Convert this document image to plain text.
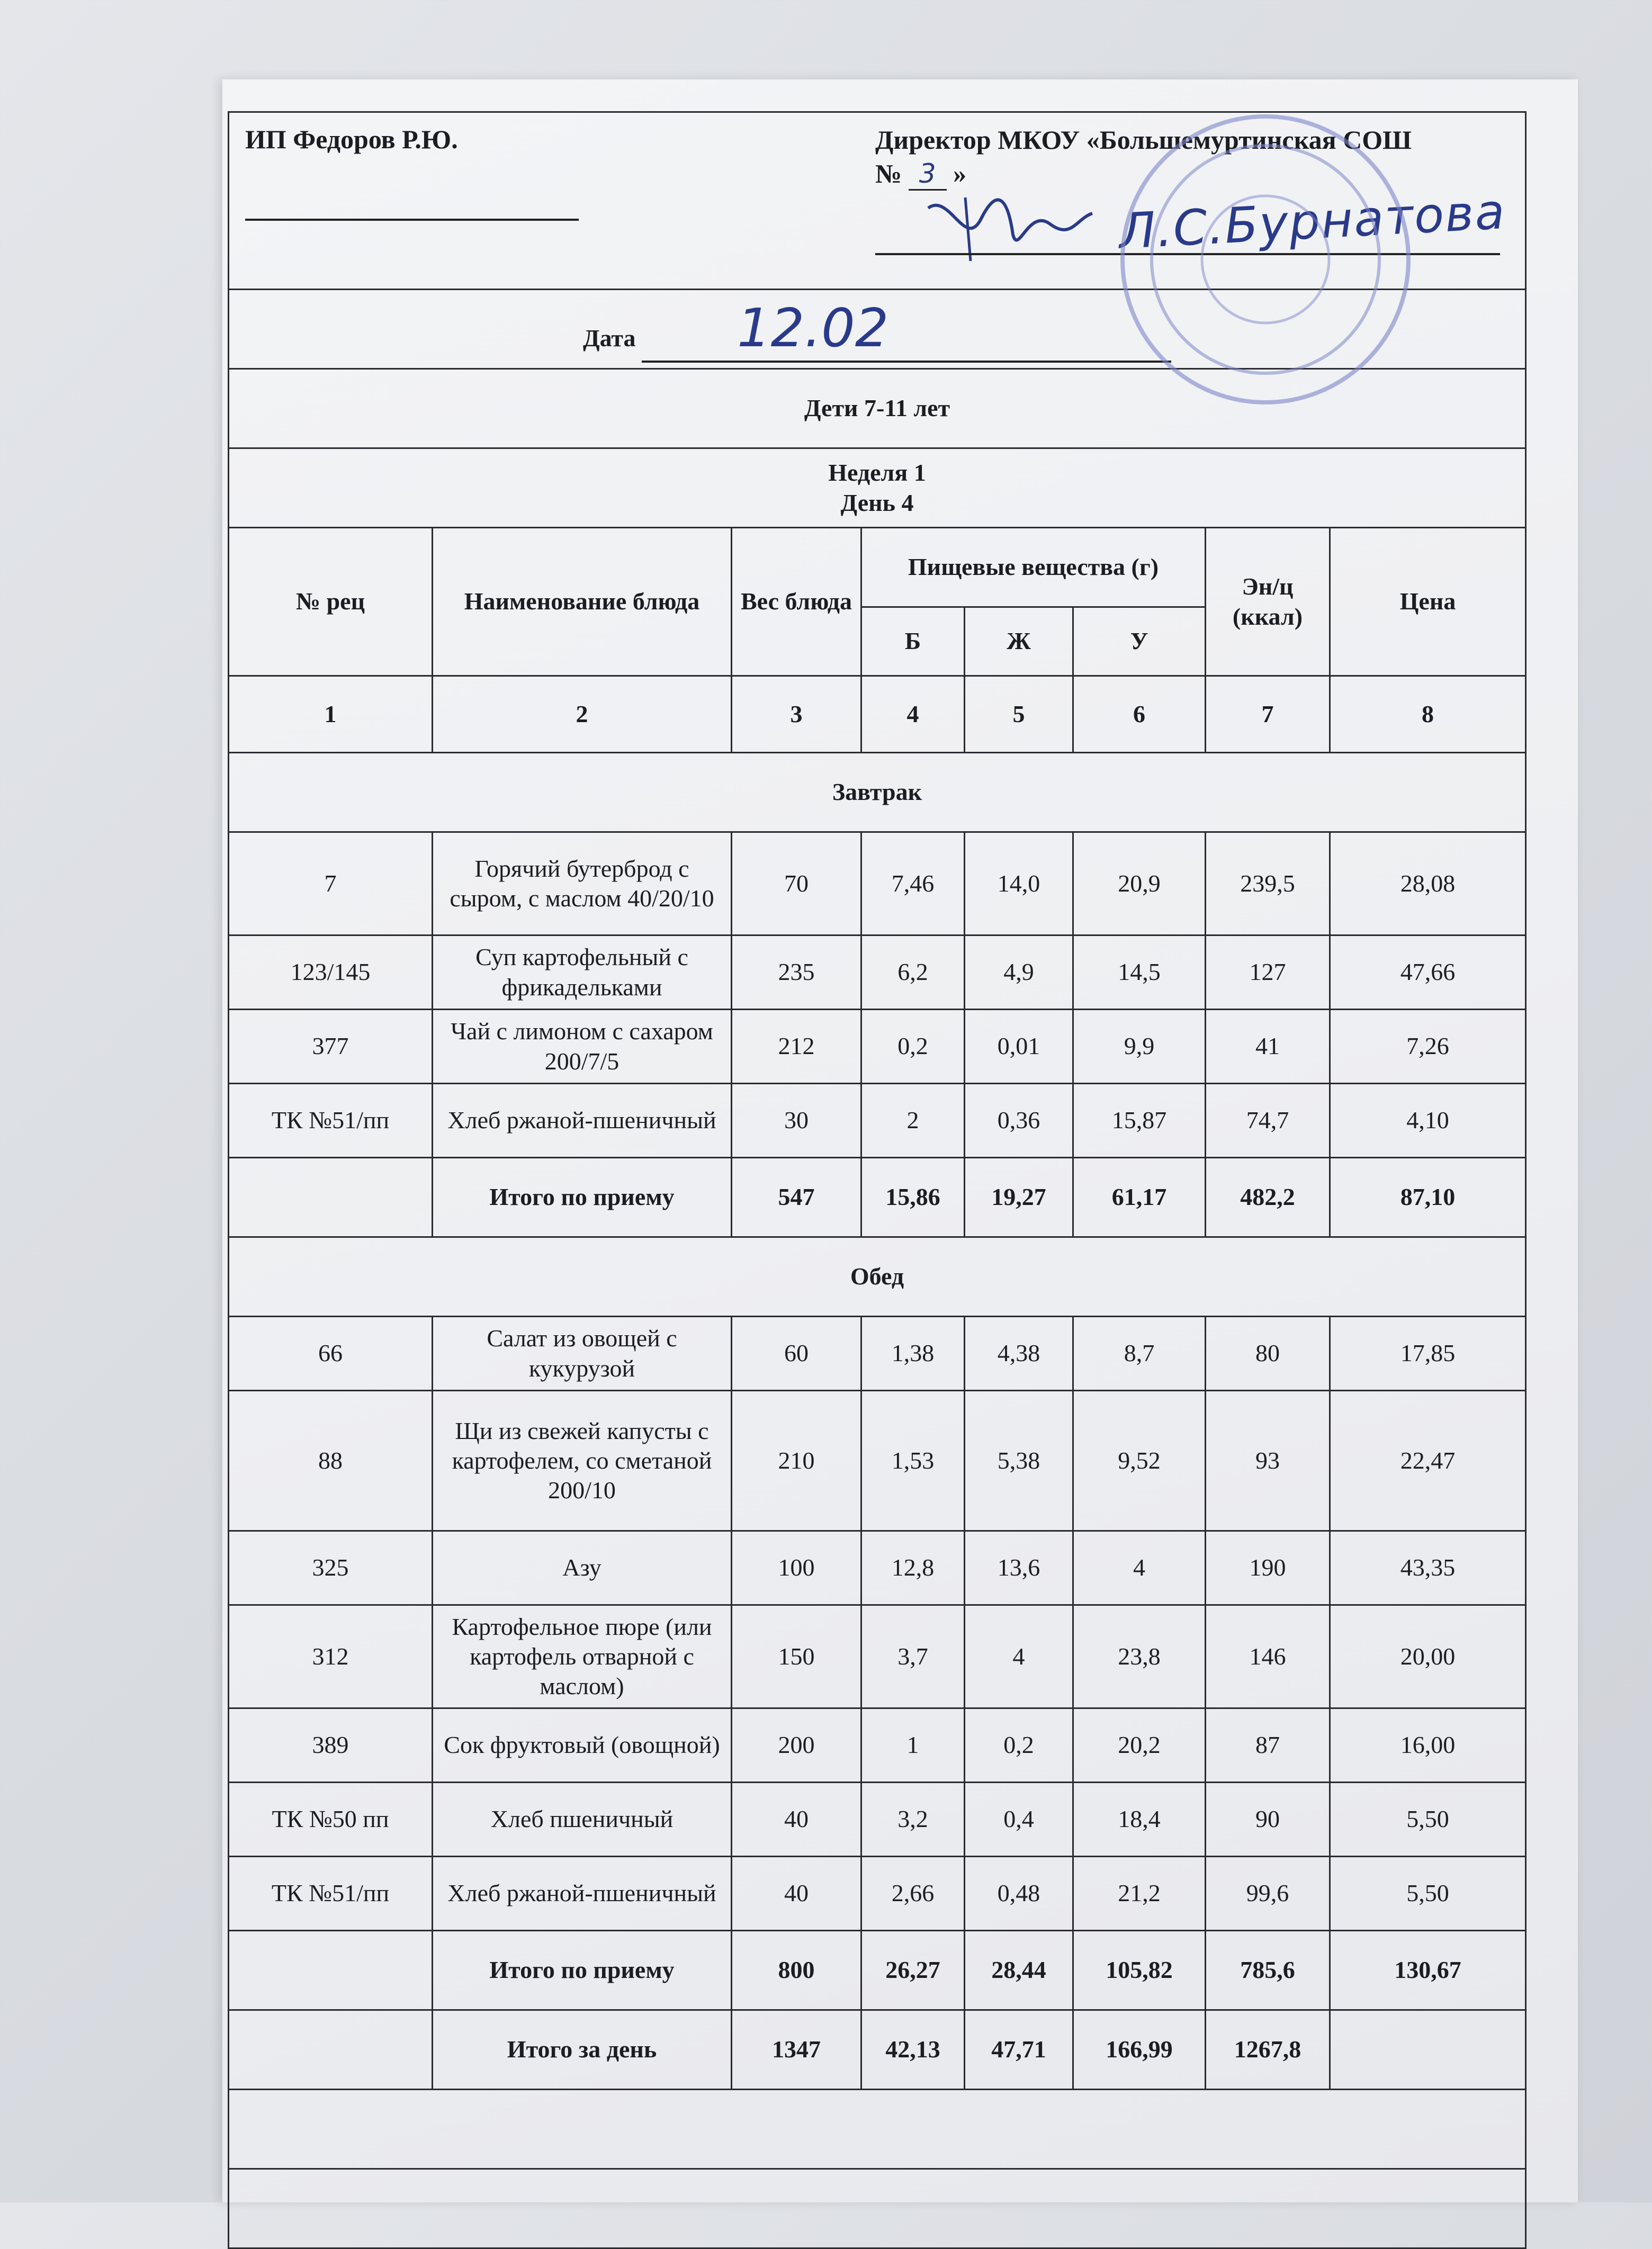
ИП Федоров Р.Ю. Директор МКОУ «Большемуртинская СОШ
№ 3 »
Л.С.Бурнатова							

Дата 12.02							
Дети 7-11 лет							

Неделя 1
День 4							

№ рец	Наименование блюда	Вес блюда	Пищевые вещества (г)			Эн/ц (ккал)	Цена
			Б	Ж	У		
1	2	3	4	5	6	7	8
Завтрак							
7	Горячий бутерброд с сыром, с маслом 40/20/10	70	7,46	14,0	20,9	239,5	28,08
123/145	Суп картофельный с фрикадельками	235	6,2	4,9	14,5	127	47,66
377	Чай с лимоном с сахаром 200/7/5	212	0,2	0,01	9,9	41	7,26
ТК №51/пп	Хлеб ржаной-пшеничный	30	2	0,36	15,87	74,7	4,10
	Итого по приему	547	15,86	19,27	61,17	482,2	87,10
Обед							
66	Салат из овощей с кукурузой	60	1,38	4,38	8,7	80	17,85
88	Щи из свежей капусты с картофелем, со сметаной 200/10	210	1,53	5,38	9,52	93	22,47
325	Азу	100	12,8	13,6	4	190	43,35
312	Картофельное пюре (или картофель отварной с маслом)	150	3,7	4	23,8	146	20,00
389	Сок фруктовый (овощной)	200	1	0,2	20,2	87	16,00
ТК №50 пп	Хлеб пшеничный	40	3,2	0,4	18,4	90	5,50
ТК №51/пп	Хлеб ржаной-пшеничный	40	2,66	0,48	21,2	99,6	5,50
	Итого по приему	800	26,27	28,44	105,82	785,6	130,67
	Итого за день	1347	42,13	47,71	166,99	1267,8	
